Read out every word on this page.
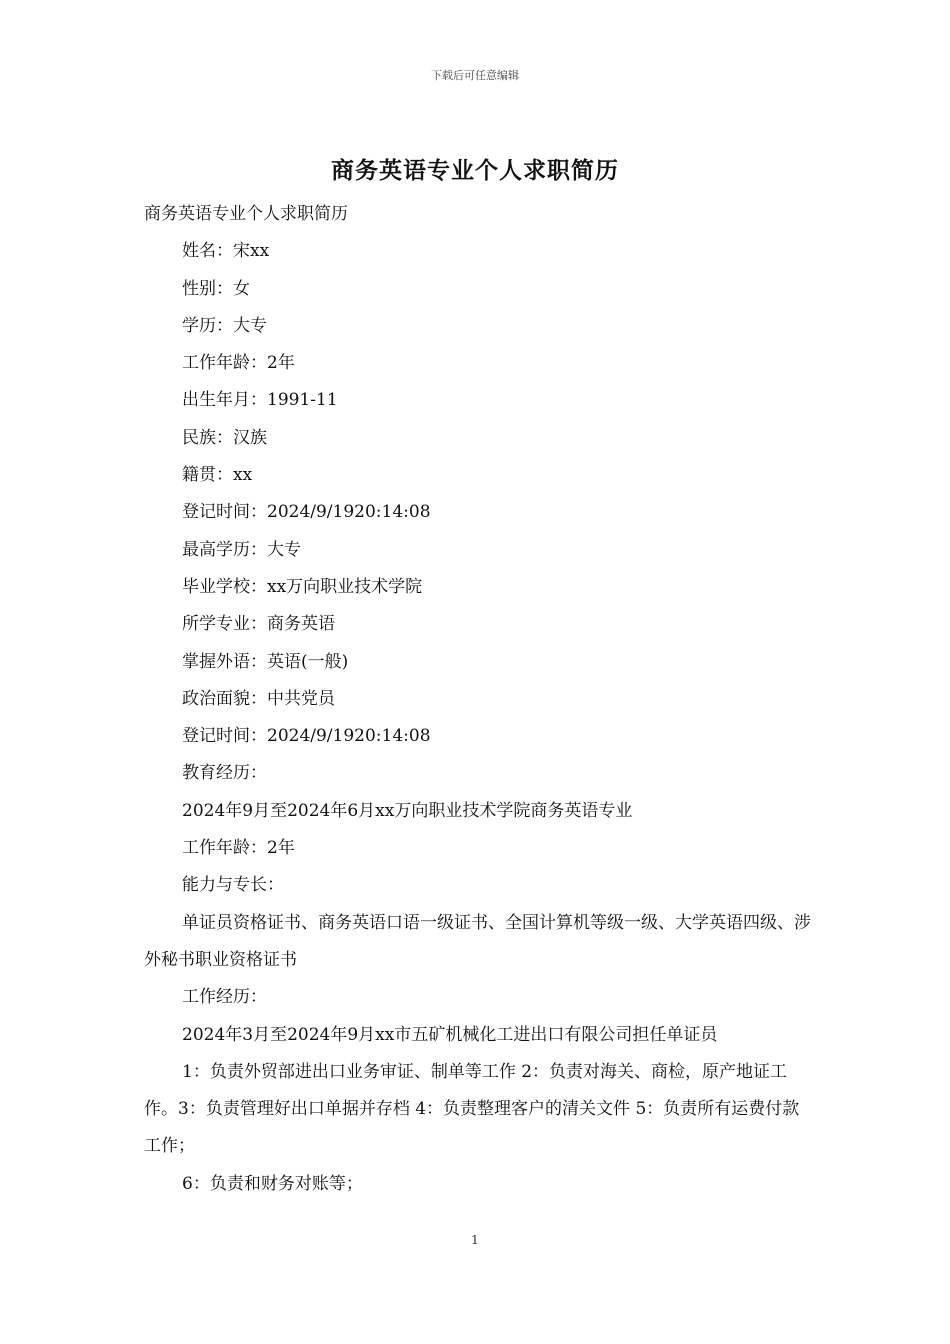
下载后可任意编辑
商务英语专业个人求职简历
商务英语专业个人求职简历
姓名：宋xx
性别：女
学历：大专
工作年龄：2年
出生年月：1991-11
民族：汉族
籍贯：xx
登记时间：2024/9/1920:14:08
最高学历：大专
毕业学校：xx万向职业技术学院
所学专业：商务英语
掌握外语：英语(一般)
政治面貌：中共党员
登记时间：2024/9/1920:14:08
教育经历：
2024年9月至2024年6月xx万向职业技术学院商务英语专业
工作年龄：2年
能力与专长：
单证员资格证书、商务英语口语一级证书、全国计算机等级一级、大学英语四级、涉外秘书职业资格证书
工作经历：
2024年3月至2024年9月xx市五矿机械化工进出口有限公司担任单证员
1：负责外贸部进出口业务审证、制单等工作 2：负责对海关、商检，原产地证工作。3：负责管理好出口单据并存档 4：负责整理客户的清关文件 5：负责所有运费付款工作；
6：负责和财务对账等；
1
